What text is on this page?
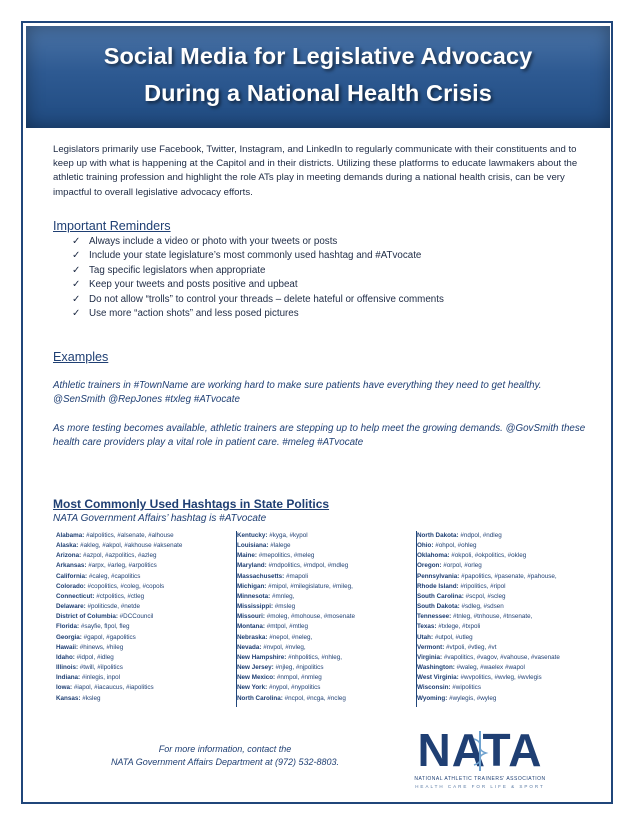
Social Media for Legislative Advocacy
During a National Health Crisis
Legislators primarily use Facebook, Twitter, Instagram, and LinkedIn to regularly communicate with their constituents and to keep up with what is happening at the Capitol and in their districts. Utilizing these platforms to educate lawmakers about the athletic training profession and highlight the role ATs play in meeting demands during a national health crisis, can be very impactful to overall legislative advocacy efforts.
Important Reminders
✓ Always include a video or photo with your tweets or posts
✓ Include your state legislature’s most commonly used hashtag and #ATvocate
✓ Tag specific legislators when appropriate
✓ Keep your tweets and posts positive and upbeat
✓ Do not allow “trolls” to control your threads – delete hateful or offensive comments
✓ Use more “action shots” and less posed pictures
Examples
Athletic trainers in #TownName are working hard to make sure patients have everything they need to get healthy. @SenSmith @RepJones #txleg #ATvocate
As more testing becomes available, athletic trainers are stepping up to help meet the growing demands. @GovSmith these health care providers play a vital role in patient care. #meleg #ATvocate
Most Commonly Used Hashtags in State Politics
NATA Government Affairs’ hashtag is #ATvocate
Alabama: #alpolitics, #alsenate, #alhouse
Alaska: #akleg, #akpol, #akhouse #aksenate
Arizona: #azpol, #azpolitics, #azleg
Arkansas: #arpx, #arleg, #arpolitics
California: #caleg, #capolitics
Colorado: #copolitics, #coleg, #copols
Connecticut: #ctpolitics, #ctleg
Delaware: #politicsde, #netde
District of Columbia: #DCCouncil
Florida: #sayfie, flpol, fleg
Georgia: #gapol, #gapolitics
Hawaii: #hinews, #hileg
Idaho: #idpol, #idleg
Illinois: #twill, #ilpolitics
Indiana: #inlegis, inpol
Iowa: #iapol, #iacaucus, #iapolitics
Kansas: #ksleg
Kentucky: #kyga, #kypol
Louisiana: #lalege
Maine: #mepolitics, #meleg
Maryland: #mdpolitics, #mdpol, #mdleg
Massachusetts: #mapoli
Michigan: #mipol, #milegislature, #mileg,
Minnesota: #mnleg,
Mississippi: #msleg
Missouri: #moleg, #mohouse, #mosenate
Montana: #mtpol, #mtleg
Nebraska: #nepol, #neleg,
Nevada: #nvpol, #nvleg,
New Hampshire: #nhpolitics, #nhleg,
New Jersey: #njleg, #njpolitics
New Mexico: #nmpol, #nmleg
New York: #nypol, #nypolitics
North Carolina: #ncpol, #ncga, #ncleg
North Dakota: #ndpol, #ndleg
Ohio: #ohpol, #ohleg
Oklahoma: #okpoli, #okpolitics, #okleg
Oregon: #orpol, #orleg
Pennsylvania: #papolitics, #pasenate, #pahouse,
Rhode Island: #ripolitics, #ripol
South Carolina: #scpol, #scleg
South Dakota: #sdleg, #sdsen
Tennessee: #tnleg, #tnhouse, #tnsenate,
Texas: #txlege, #txpoli
Utah: #utpol, #utleg
Vermont: #vtpoli, #vtleg, #vt
Virginia: #vapolitics, #vagov, #vahouse, #vasenate
Washington: #waleg, #waelex #wapol
West Virginia: #wvpolitics, #wvleg, #wvlegis
Wisconsin: #wipolitics
Wyoming: #wylegis, #wyleg
For more information, contact the
NATA Government Affairs Department at (972) 532-8803.	NATA
NATIONAL ATHLETIC TRAINERS' ASSOCIATION
HEALTH CARE FOR LIFE & SPORT
